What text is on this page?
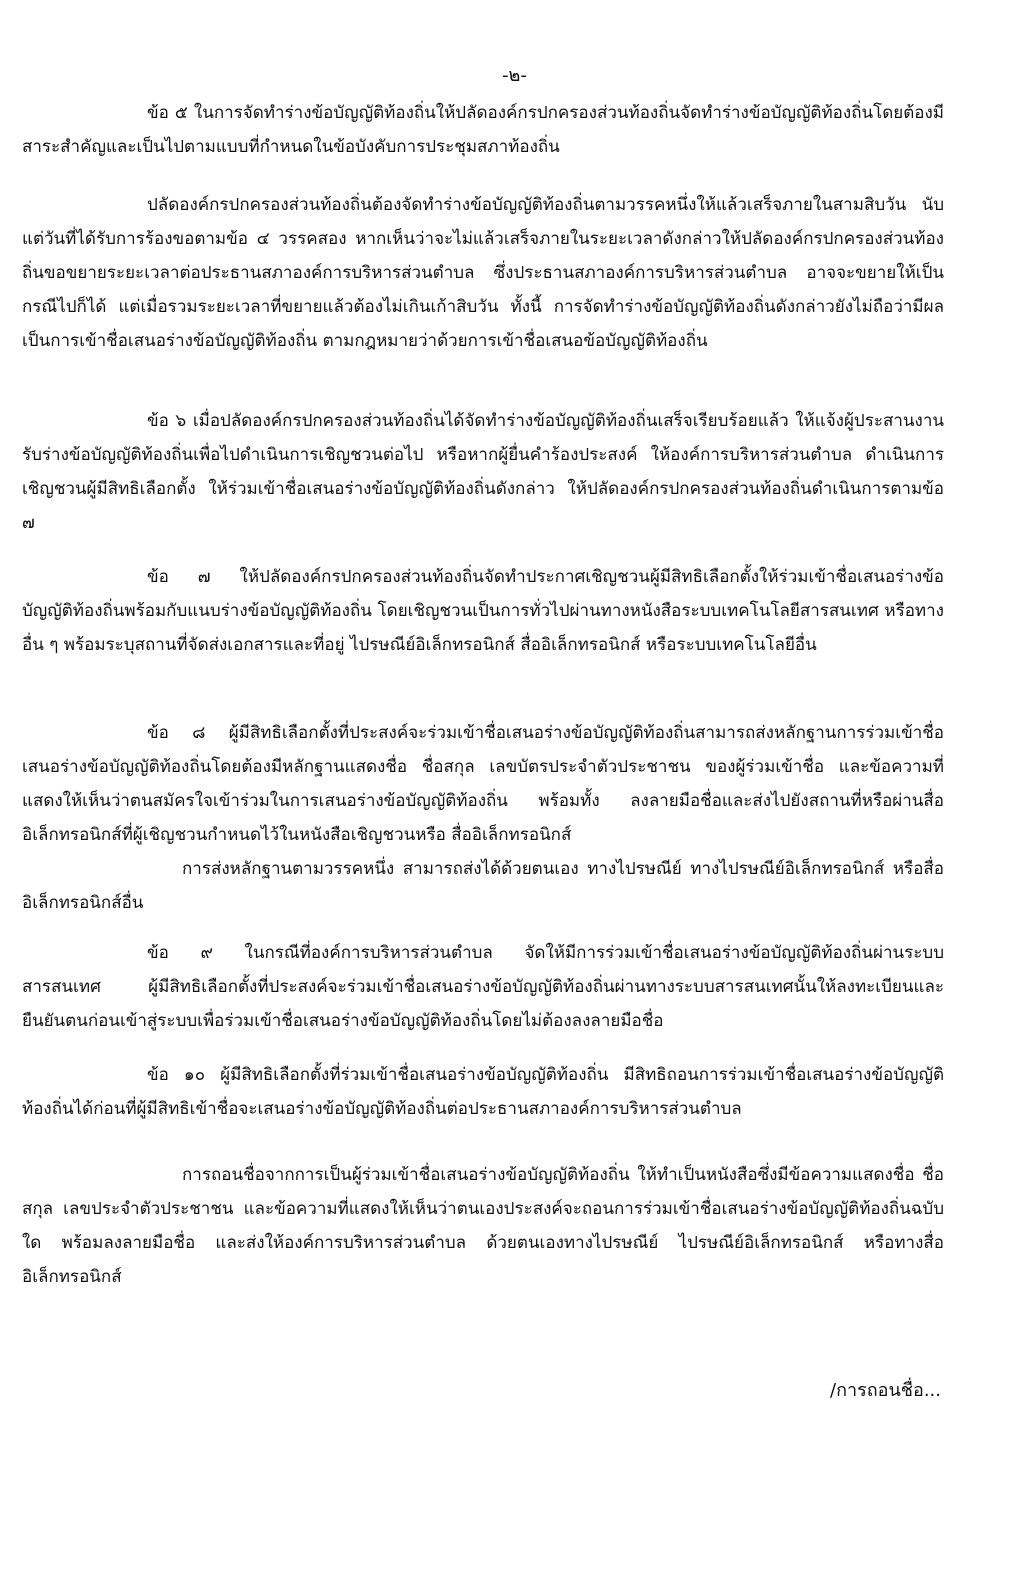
-๒-

ข้อ ๕ ในการจัดทำร่างข้อบัญญัติท้องถิ่นให้ปลัดองค์กรปกครองส่วนท้องถิ่นจัดทำร่างข้อบัญญัติท้องถิ่นโดยต้องมีสาระสำคัญและเป็นไปตามแบบที่กำหนดในข้อบังคับการประชุมสภาท้องถิ่น

ปลัดองค์กรปกครองส่วนท้องถิ่นต้องจัดทำร่างข้อบัญญัติท้องถิ่นตามวรรคหนึ่งให้แล้วเสร็จภายในสามสิบวัน นับแต่วันที่ได้รับการร้องขอตามข้อ ๔ วรรคสอง หากเห็นว่าจะไม่แล้วเสร็จภายในระยะเวลาดังกล่าวให้ปลัดองค์กรปกครองส่วนท้องถิ่นขอขยายระยะเวลาต่อประธานสภาองค์การบริหารส่วนตำบล ซึ่งประธานสภาองค์การบริหารส่วนตำบล อาจจะขยายให้เป็นกรณีไปก็ได้ แต่เมื่อรวมระยะเวลาที่ขยายแล้วต้องไม่เกินเก้าสิบวัน ทั้งนี้ การจัดทำร่างข้อบัญญัติท้องถิ่นดังกล่าวยังไม่ถือว่ามีผลเป็นการเข้าชื่อเสนอร่างข้อบัญญัติท้องถิ่น ตามกฎหมายว่าด้วยการเข้าชื่อเสนอข้อบัญญัติท้องถิ่น

ข้อ ๖ เมื่อปลัดองค์กรปกครองส่วนท้องถิ่นได้จัดทำร่างข้อบัญญัติท้องถิ่นเสร็จเรียบร้อยแล้ว ให้แจ้งผู้ประสานงานรับร่างข้อบัญญัติท้องถิ่นเพื่อไปดำเนินการเชิญชวนต่อไป หรือหากผู้ยื่นคำร้องประสงค์ ให้องค์การบริหารส่วนตำบล ดำเนินการเชิญชวนผู้มีสิทธิเลือกตั้ง ให้ร่วมเข้าชื่อเสนอร่างข้อบัญญัติท้องถิ่นดังกล่าว ให้ปลัดองค์กรปกครองส่วนท้องถิ่นดำเนินการตามข้อ ๗

ข้อ ๗ ให้ปลัดองค์กรปกครองส่วนท้องถิ่นจัดทำประกาศเชิญชวนผู้มีสิทธิเลือกตั้งให้ร่วมเข้าชื่อเสนอร่างข้อบัญญัติท้องถิ่นพร้อมกับแนบร่างข้อบัญญัติท้องถิ่น โดยเชิญชวนเป็นการทั่วไปผ่านทางหนังสือระบบเทคโนโลยีสารสนเทศ หรือทางอื่น ๆ พร้อมระบุสถานที่จัดส่งเอกสารและที่อยู่ ไปรษณีย์อิเล็กทรอนิกส์ สื่ออิเล็กทรอนิกส์ หรือระบบเทคโนโลยีอื่น

ข้อ ๘ ผู้มีสิทธิเลือกตั้งที่ประสงค์จะร่วมเข้าชื่อเสนอร่างข้อบัญญัติท้องถิ่นสามารถส่งหลักฐานการร่วมเข้าชื่อเสนอร่างข้อบัญญัติท้องถิ่นโดยต้องมีหลักฐานแสดงชื่อ ชื่อสกุล เลขบัตรประจำตัวประชาชน ของผู้ร่วมเข้าชื่อ และข้อความที่แสดงให้เห็นว่าตนสมัครใจเข้าร่วมในการเสนอร่างข้อบัญญัติท้องถิ่น พร้อมทั้ง ลงลายมือชื่อและส่งไปยังสถานที่หรือผ่านสื่ออิเล็กทรอนิกส์ที่ผู้เชิญชวนกำหนดไว้ในหนังสือเชิญชวนหรือ สื่ออิเล็กทรอนิกส์

การส่งหลักฐานตามวรรคหนึ่ง สามารถส่งได้ด้วยตนเอง ทางไปรษณีย์ ทางไปรษณีย์อิเล็กทรอนิกส์ หรือสื่ออิเล็กทรอนิกส์อื่น

ข้อ ๙ ในกรณีที่องค์การบริหารส่วนตำบล จัดให้มีการร่วมเข้าชื่อเสนอร่างข้อบัญญัติท้องถิ่นผ่านระบบสารสนเทศ ผู้มีสิทธิเลือกตั้งที่ประสงค์จะร่วมเข้าชื่อเสนอร่างข้อบัญญัติท้องถิ่นผ่านทางระบบสารสนเทศนั้นให้ลงทะเบียนและยืนยันตนก่อนเข้าสู่ระบบเพื่อร่วมเข้าชื่อเสนอร่างข้อบัญญัติท้องถิ่นโดยไม่ต้องลงลายมือชื่อ

ข้อ ๑๐ ผู้มีสิทธิเลือกตั้งที่ร่วมเข้าชื่อเสนอร่างข้อบัญญัติท้องถิ่น มีสิทธิถอนการร่วมเข้าชื่อเสนอร่างข้อบัญญัติท้องถิ่นได้ก่อนที่ผู้มีสิทธิเข้าชื่อจะเสนอร่างข้อบัญญัติท้องถิ่นต่อประธานสภาองค์การบริหารส่วนตำบล

การถอนชื่อจากการเป็นผู้ร่วมเข้าชื่อเสนอร่างข้อบัญญัติท้องถิ่น ให้ทำเป็นหนังสือซึ่งมีข้อความแสดงชื่อ ชื่อสกุล เลขประจำตัวประชาชน และข้อความที่แสดงให้เห็นว่าตนเองประสงค์จะถอนการร่วมเข้าชื่อเสนอร่างข้อบัญญัติท้องถิ่นฉบับใด พร้อมลงลายมือชื่อ และส่งให้องค์การบริหารส่วนตำบล ด้วยตนเองทางไปรษณีย์ ไปรษณีย์อิเล็กทรอนิกส์ หรือทางสื่ออิเล็กทรอนิกส์

/การถอนชื่อ...
